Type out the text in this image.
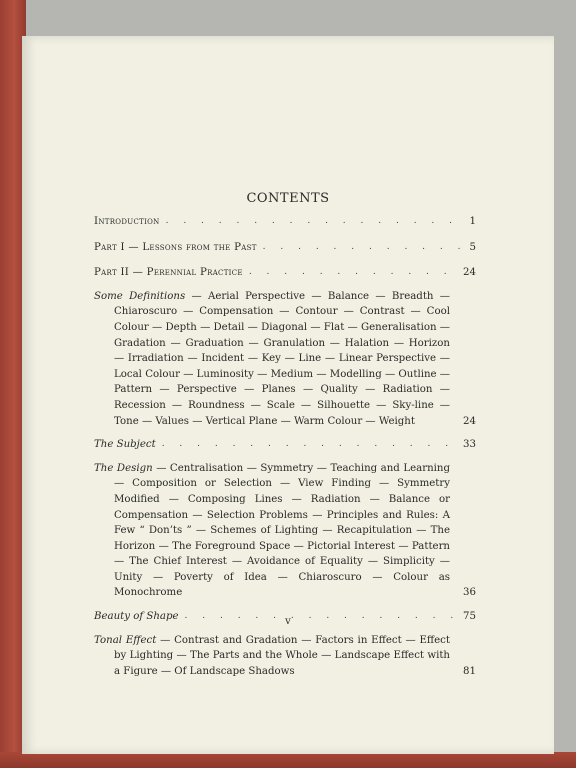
CONTENTS
Introduction . . .	1
Part I — Lessons from the Past . . .	5
Part II — Perennial Practice . . .	24
Some Definitions — Aerial Perspective — Balance — Breadth — Chiaroscuro — Compensation — Contour — Contrast — Cool Colour — Depth — Detail — Diagonal — Flat — Generalisation — Gradation — Graduation — Granulation — Halation — Horizon — Irradiation — Incident — Key — Line — Linear Perspective — Local Colour — Luminosity — Medium — Modelling — Outline — Pattern — Perspective — Planes — Quality — Radiation — Recession — Roundness — Scale — Silhouette — Sky-line — Tone — Values — Vertical Plane — Warm Colour — Weight	24
The Subject . . .	33
The Design — Centralisation — Symmetry — Teaching and Learning — Composition or Selection — View Finding — Symmetry Modified — Composing Lines — Radiation — Balance or Compensation — Selection Problems — Principles and Rules: A Few “ Don’ts ” — Schemes of Lighting — Recapitulation — The Horizon — The Foreground Space — Pictorial Interest — Pattern — The Chief Interest — Avoidance of Equality — Simplicity — Unity — Poverty of Idea — Chiaroscuro — Colour as Monochrome	36
Beauty of Shape . . .	75
Tonal Effect — Contrast and Gradation — Factors in Effect — Effect by Lighting — The Parts and the Whole — Landscape Effect with a Figure — Of Landscape Shadows	81
v
